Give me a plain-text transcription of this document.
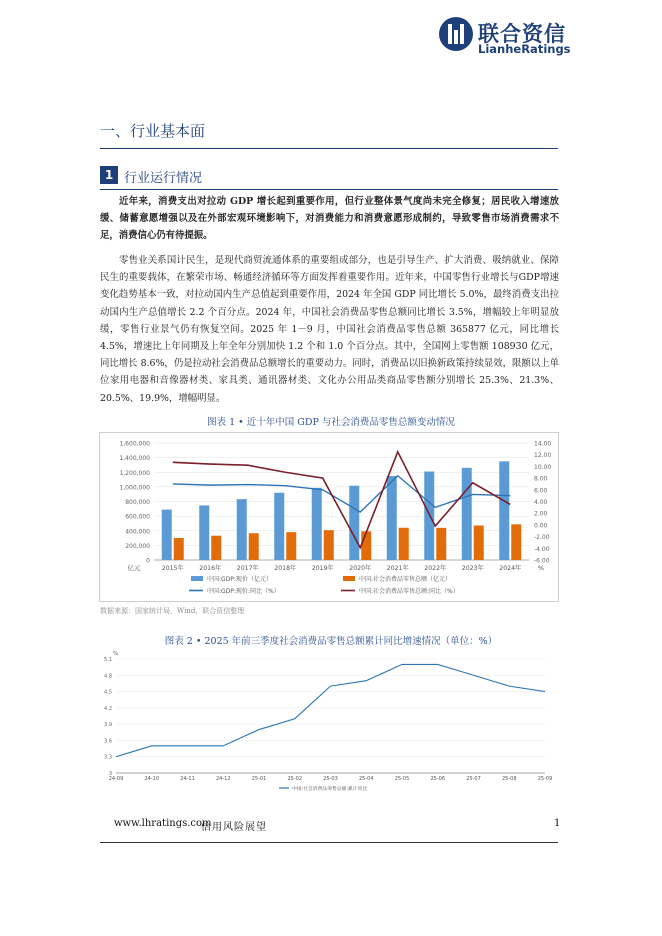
联合资信
LianheRatings
一、行业基本面
1 行业运行情况
近年来，消费支出对拉动 GDP 增长起到重要作用，但行业整体景气度尚未完全修复；居民收入增速放缓、储蓄意愿增强以及在外部宏观环境影响下，对消费能力和消费意愿形成制约，导致零售市场消费需求不足，消费信心仍有待提振。
零售业关系国计民生，是现代商贸流通体系的重要组成部分，也是引导生产、扩大消费、吸纳就业、保障民生的重要载体，在繁荣市场、畅通经济循环等方面发挥着重要作用。近年来，中国零售行业增长与GDP增速变化趋势基本一致，对拉动国内生产总值起到重要作用，2024 年全国 GDP 同比增长 5.0%，最终消费支出拉动国内生产总值增长 2.2 个百分点。2024 年，中国社会消费品零售总额同比增长 3.5%，增幅较上年明显放缓，零售行业景气仍有恢复空间。2025 年 1－9 月，中国社会消费品零售总额 365877 亿元，同比增长 4.5%，增速比上年同期及上年全年分别加快 1.2 个和 1.0 个百分点。其中，全国网上零售额 108930 亿元，同比增长 8.6%，仍是拉动社会消费品总额增长的重要动力。同时，消费品以旧换新政策持续显效，限额以上单位家用电器和音像器材类、家具类、通讯器材类、文化办公用品类商品零售额分别增长 25.3%、21.3%、20.5%、19.9%，增幅明显。
图表 1 • 近十年中国 GDP 与社会消费品零售总额变动情况
0
200,000
400,000
600,000
800,000
1,000,000
1,200,000
1,400,000
1,600,000
-6.00
-4.00
-2.00
0.00
2.00
4.00
6.00
8.00
10.00
12.00
14.00
亿元	%
2015年	2016年	2017年	2018年	2019年	2020年	2021年	2022年	2023年	2024年
中国:GDP:现价（亿元）	中国:社会消费品零售总额（亿元）
中国:GDP:现价:同比（%）	中国:社会消费品零售总额:同比（%）
数据来源：国家统计局，Wind，联合资信整理
图表 2 • 2025 年前三季度社会消费品零售总额累计同比增速情况（单位：%）
%
3
3.3
3.6
3.9
4.2
4.5
4.8
5.1
24-09	24-10	24-11	24-12	25-01	25-02	25-03	25-04	25-05	25-06	25-07	25-08	25-09
中国:社会消费品零售总额:累计同比
www.lhratings.com
信用风险展望	1
